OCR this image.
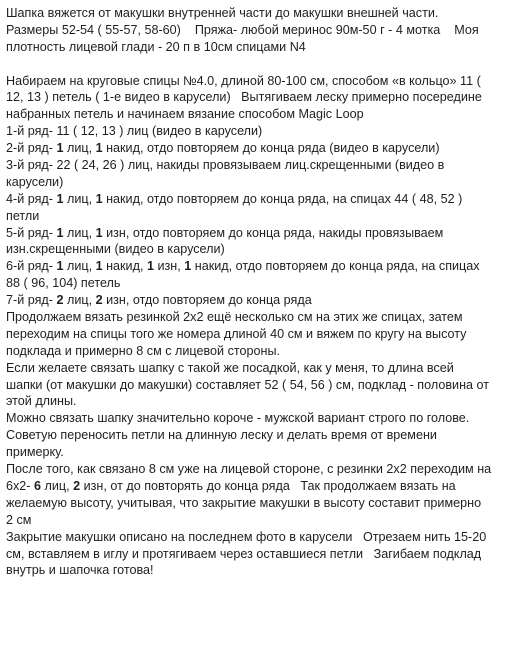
Шапка вяжется от макушки внутренней части до макушки внешней части.
Размеры 52-54 ( 55-57, 58-60)    Пряжа- любой меринос 90м-50 г - 4 мотка    Моя
плотность лицевой глади - 20 п в 10см спицами N4
Набираем на круговые спицы №4.0, длиной 80-100 см, способом «в кольцо» 11 (
12, 13 ) петель ( 1-е видео в карусели)   Вытягиваем леску примерно посередине
набранных петель и начинаем вязание способом Magic Loop
1-й ряд- 11 ( 12, 13 ) лиц (видео в карусели)
2-й ряд- 1 лиц, 1 накид, отдо повторяем до конца ряда (видео в карусели)
3-й ряд- 22 ( 24, 26 ) лиц, накиды провязываем лиц.скрещенными (видео в
карусели)
4-й ряд- 1 лиц, 1 накид, отдо повторяем до конца ряда, на спицах 44 ( 48, 52 )
петли
5-й ряд- 1 лиц, 1 изн, отдо повторяем до конца ряда, накиды провязываем
изн.скрещенными (видео в карусели)
6-й ряд- 1 лиц, 1 накид, 1 изн, 1 накид, отдо повторяем до конца ряда, на спицах
88 ( 96, 104) петель
7-й ряд- 2 лиц, 2 изн, отдо повторяем до конца ряда
Продолжаем вязать резинкой 2х2 ещё несколько см на этих же спицах, затем
переходим на спицы того же номера длиной 40 см и вяжем по кругу на высоту
подклада и примерно 8 см с лицевой стороны.
Если желаете связать шапку с такой же посадкой, как у меня, то длина всей
шапки (от макушки до макушки) составляет 52 ( 54, 56 ) см, подклад - половина от
этой длины.
Можно связать шапку значительно короче - мужской вариант строго по голове.
Советую переносить петли на длинную леску и делать время от времени
примерку.
После того, как связано 8 см уже на лицевой стороне, с резинки 2х2 переходим на
6х2- 6 лиц, 2 изн, от до повторять до конца ряда   Так продолжаем вязать на
желаемую высоту, учитывая, что закрытие макушки в высоту составит примерно
2 см
Закрытие макушки описано на последнем фото в карусели   Отрезаем нить 15-20
см, вставляем в иглу и протягиваем через оставшиеся петли   Загибаем подклад
внутрь и шапочка готова!
